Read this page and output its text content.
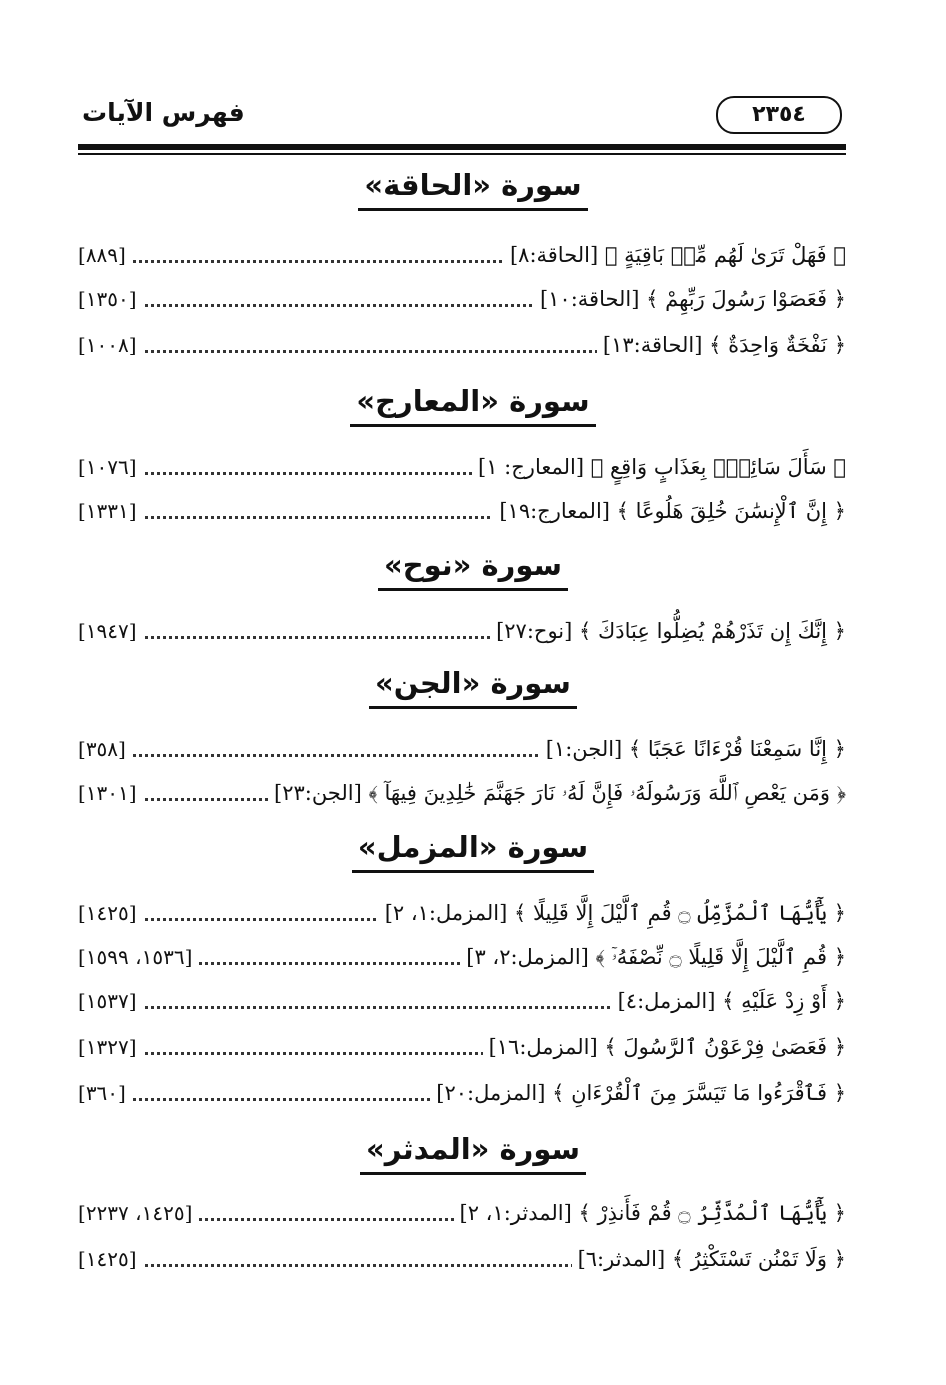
فهرس الآيات	٢٣٥٤
سورة «الحاقة»
﴿ فَهَلْ تَرَىٰ لَهُم مِّنۢ بَاقِيَةٍ ﴾ [الحاقة:٨]
[٨٨٩]
﴿ فَعَصَوْا رَسُولَ رَبِّهِمْ ﴾ [الحاقة:١٠]
[١٣٥٠]
﴿ نَفْخَةٌ وَاحِدَةٌ ﴾ [الحاقة:١٣]
[١٠٠٨]
سورة «المعارج»
﴿ سَأَلَ سَائِلٌۢ بِعَذَابٍ وَاقِعٍ ﴾ [المعارج: ١]
[١٠٧٦]
﴿ إِنَّ ٱلْإِنسَٰنَ خُلِقَ هَلُوعًا ﴾ [المعارج:١٩]
[١٣٣١]
سورة «نوح»
﴿ إِنَّكَ إِن تَذَرْهُمْ يُضِلُّوا عِبَادَكَ ﴾ [نوح:٢٧]
[١٩٤٧]
سورة «الجن»
﴿ إِنَّا سَمِعْنَا قُرْءَانًا عَجَبًا ﴾ [الجن:١]
[٣٥٨]
﴿ وَمَن يَعْصِ ٱللَّهَ وَرَسُولَهُۥ فَإِنَّ لَهُۥ نَارَ جَهَنَّمَ خَٰلِدِينَ فِيهَآ ﴾ [الجن:٢٣]
[١٣٠١]
سورة «المزمل»
﴿ يَٰٓأَيُّهَا ٱلْمُزَّمِّلُ ۝ قُمِ ٱلَّيْلَ إِلَّا قَلِيلًا ﴾ [المزمل:١، ٢]
[١٤٢٥]
﴿ قُمِ ٱلَّيْلَ إِلَّا قَلِيلًا ۝ نِّصْفَهُۥٓ ﴾ [المزمل:٢، ٣]
[١٥٣٦، ١٥٩٩]
﴿ أَوْ زِدْ عَلَيْهِ ﴾ [المزمل:٤]
[١٥٣٧]
﴿ فَعَصَىٰ فِرْعَوْنُ ٱلرَّسُولَ ﴾ [المزمل:١٦]
[١٣٢٧]
﴿ فَٱقْرَءُوا مَا تَيَسَّرَ مِنَ ٱلْقُرْءَانِ ﴾ [المزمل:٢٠]
[٣٦٠]
سورة «المدثر»
﴿ يَٰٓأَيُّهَا ٱلْمُدَّثِّرُ ۝ قُمْ فَأَنذِرْ ﴾ [المدثر:١، ٢]
[١٤٢٥، ٢٢٣٧]
﴿ وَلَا تَمْنُن تَسْتَكْثِرُ ﴾ [المدثر:٦]
[١٤٢٥]
